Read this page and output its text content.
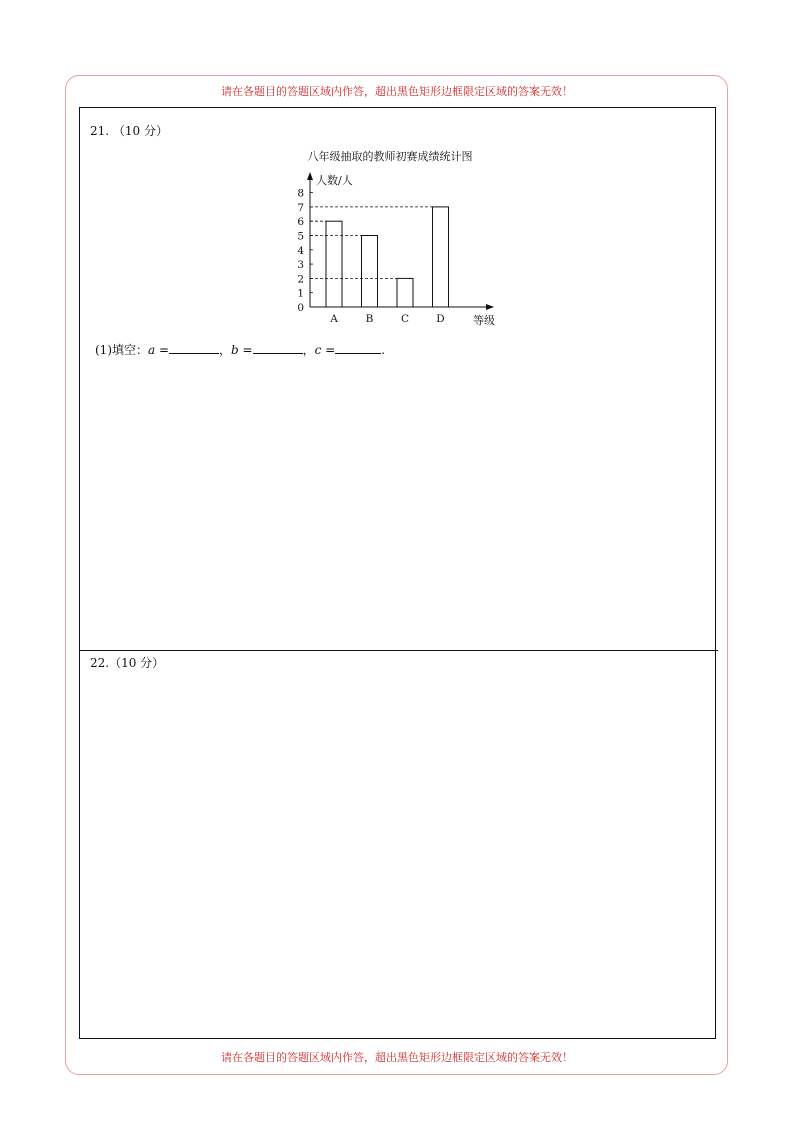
请在各题目的答题区域内作答，超出黑色矩形边框限定区域的答案无效！
请在各题目的答题区域内作答，超出黑色矩形边框限定区域的答案无效！
21. （10 分）
八年级抽取的教师初赛成绩统计图
0
1
2
3
4
5
6
7
8
人数/人
等级
A	B	C	D
(1)填空：a =	，b =	，c =	.
22.（10 分）
